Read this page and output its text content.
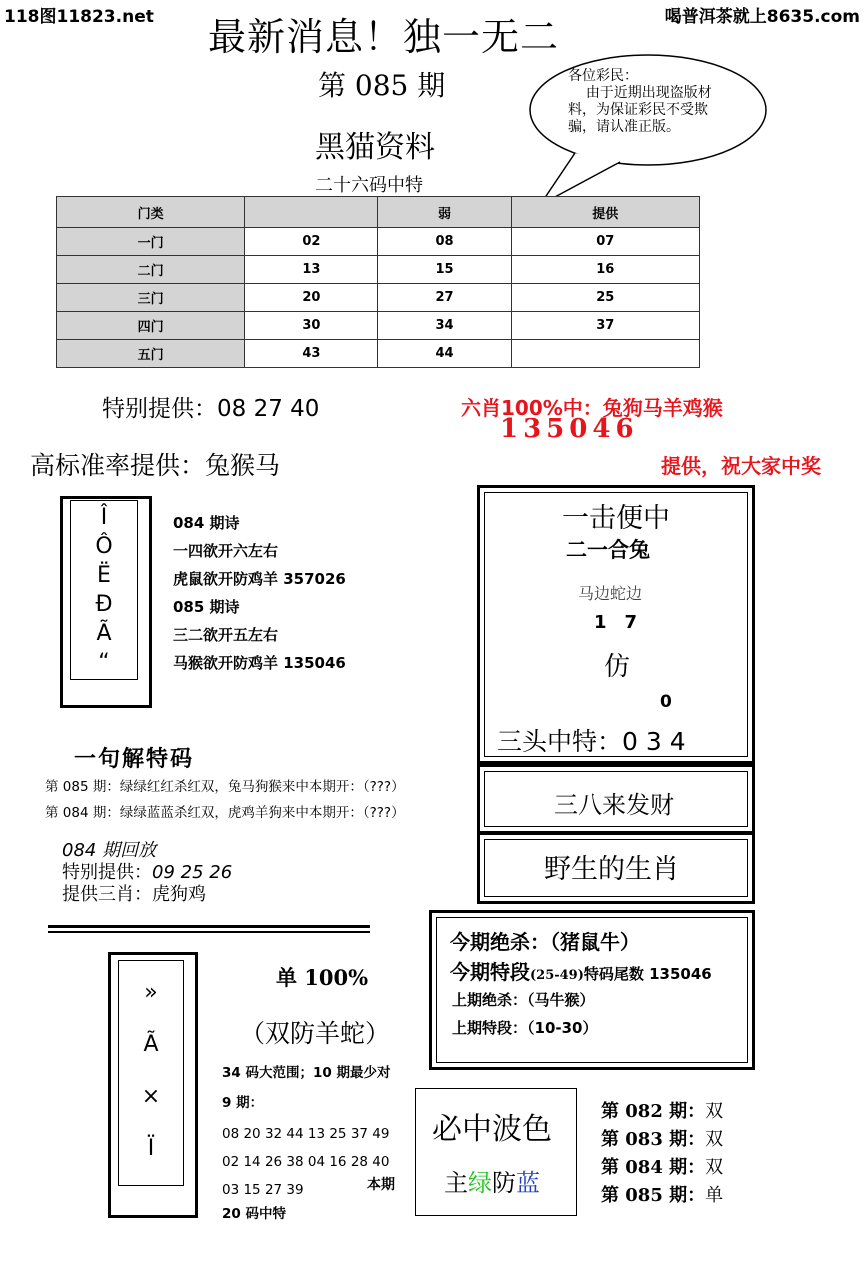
118图11823.net 最新消息！独一无二	喝普洱茶就上8635.com
第 085 期
黑猫资料
二十六码中特
各位彩民：
由于近期出现盗版材料，为保证彩民不受欺骗，请认准正版。
门类		弱	提供
一门	02	08	07
二门	13	15	16
三门	20	27	25
四门	30	34	37
五门	43	44	
特别提供：08 27 40	六肖100%中：兔狗马羊鸡猴
135046
高标准率提供：兔猴马	提供，祝大家中奖
Î
Ô
Ë
Ð
Ã
“
084 期诗
一四欲开六左右
虎鼠欲开防鸡羊 357026
085 期诗
三二欲开五左右
马猴欲开防鸡羊 135046
一击便中
二一合兔
马边蛇边
1　7
仿
0
三头中特：0 3 4
三八来发财
野生的生肖
一句解特码
第 085 期：绿绿红红杀红双，兔马狗猴来中本期开：（???）
第 084 期：绿绿蓝蓝杀红双，虎鸡羊狗来中本期开：（???）
084 期回放
特别提供：09 25 26
提供三肖：虎狗鸡
今期绝杀：（猪鼠牛）
今期特段(25-49)特码尾数 135046
上期绝杀：（马牛猴）
上期特段：（10-30）
»
Ã
×
Ï
单 100%
（双防羊蛇）
34 码大范围；10 期最少对
9 期：
08 20 32 44 13 25 37 49
02 14 26 38 04 16 28 40
03 15 27 39	本期
20 码中特
必中波色
主绿防蓝
第 082 期：双
第 083 期：双
第 084 期：双
第 085 期：单
